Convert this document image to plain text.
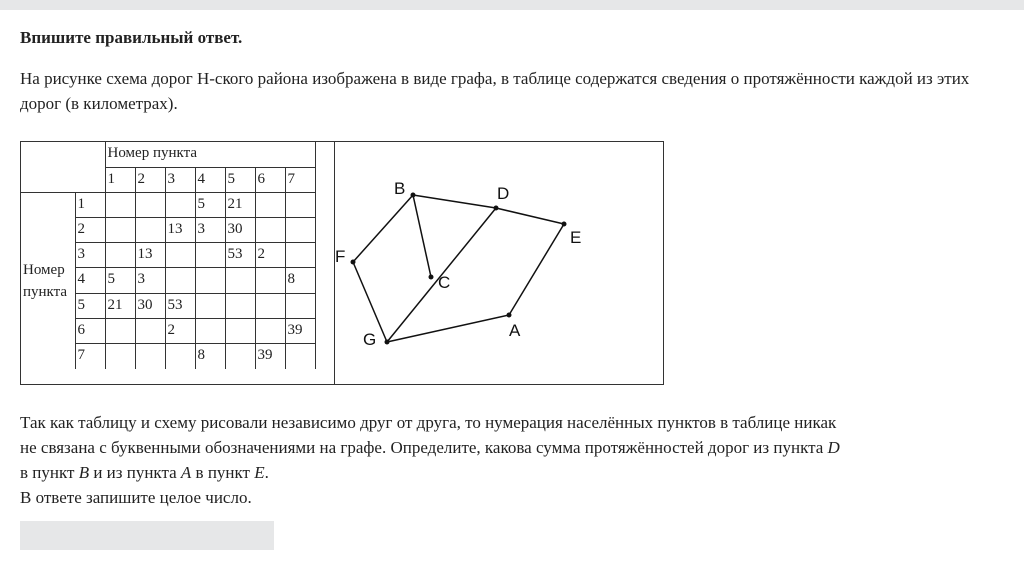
Впишите правильный ответ.
На рисунке схема дорог Н-ского района изображена в виде графа, в таблице содержатся сведения о протяжённости каждой из этих дорог (в километрах).
		Номер пункта						
		1	2	3	4	5	6	7
Номер пункта	1				5	21		
	2			13	3	30		
	3		13			53	2	
	4	5	3					8
	5	21	30	53				
	6			2				39
	7				8		39	
B	D
E
F
C
G	A
Так как таблицу и схему рисовали независимо друг от друга, то нумерация населённых пунктов в таблице никак
не связана с буквенными обозначениями на графе. Определите, какова сумма протяжённостей дорог из пункта D
в пункт B и из пункта A в пункт E.
В ответе запишите целое число.
